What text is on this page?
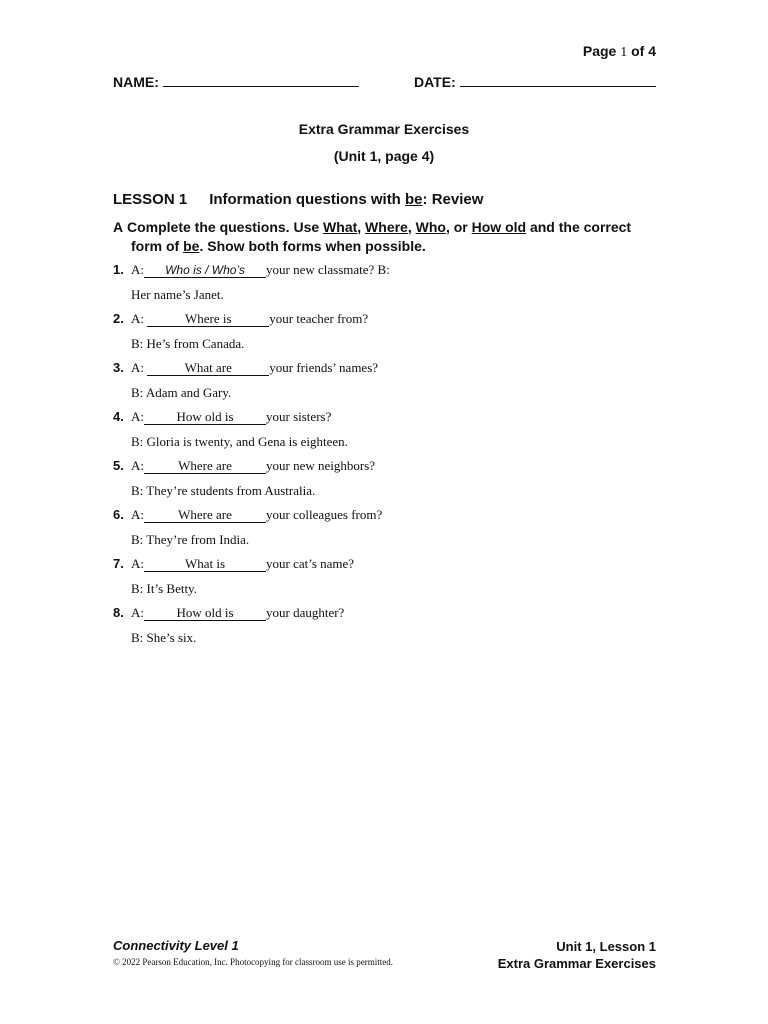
Page 1 of 4
NAME:	DATE:
Extra Grammar Exercises
(Unit 1, page 4)
LESSON 1 Information questions with be: Review
A Complete the questions. Use What, Where, Who, or How old and the correct form of be. Show both forms when possible.
1. A: Who is / Who’s your new classmate? B:
Her name’s Janet.
2. A:	Where is	your teacher from?
B: He’s from Canada.
3. A:	What are	your friends’ names?
B: Adam and Gary.
4. A: How old is your sisters?
B: Gloria is twenty, and Gena is eighteen.
5. A:	Where are	your new neighbors?
B: They’re students from Australia.
6. A:	Where are	your colleagues from?
B: They’re from India.
7. A:	What is	your cat’s name?
B: It’s Betty.
8. A: How old is your daughter?
B: She’s six.
Connectivity Level 1
© 2022 Pearson Education, Inc. Photocopying for classroom use is permitted.
Unit 1, Lesson 1
Extra Grammar Exercises
